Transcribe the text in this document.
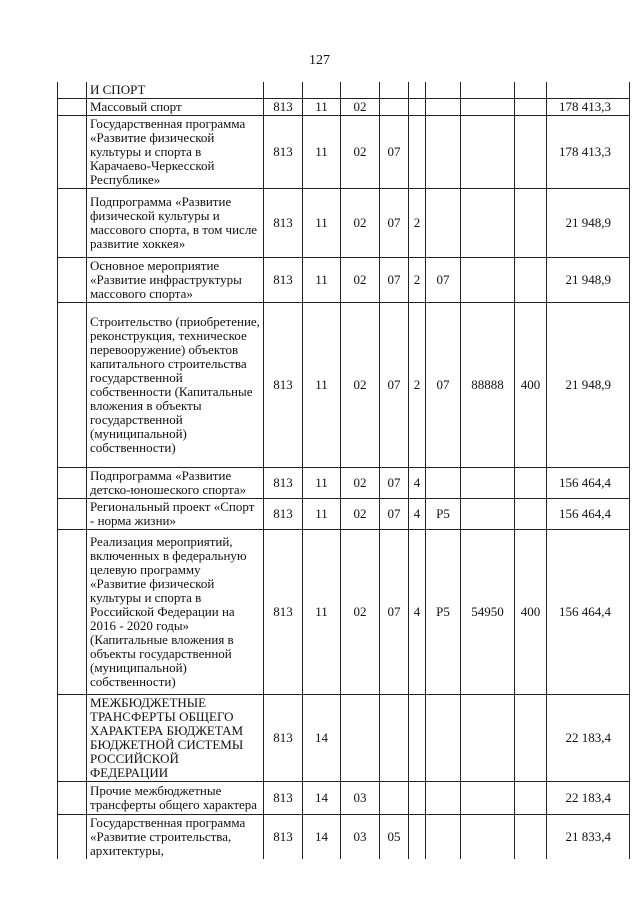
127
	И СПОРТ									
	Массовый спорт	813	11	02						178 413,3
	Государственная программа «Развитие физической культуры и спорта в Карачаево-Черкесской Республике»	813	11	02	07					178 413,3
	Подпрограмма «Развитие физической культуры и массового спорта, в том числе развитие хоккея»	813	11	02	07	2				21 948,9
	Основное мероприятие «Развитие инфраструктуры массового спорта»	813	11	02	07	2	07			21 948,9
	Строительство (приобретение, реконструкция, техническое перевооружение) объектов капитального строительства государственной собственности (Капитальные вложения в объекты государственной (муниципальной) собственности)	813	11	02	07	2	07	88888	400	21 948,9
	Подпрограмма «Развитие детско-юношеского спорта»	813	11	02	07	4				156 464,4
	Региональный проект «Спорт - норма жизни»	813	11	02	07	4	P5			156 464,4
	Реализация мероприятий, включенных в федеральную целевую программу «Развитие физической культуры и спорта в Российской Федерации на 2016 - 2020 годы» (Капитальные вложения в объекты государственной (муниципальной) собственности)	813	11	02	07	4	P5	54950	400	156 464,4
	МЕЖБЮДЖЕТНЫЕ ТРАНСФЕРТЫ ОБЩЕГО ХАРАКТЕРА БЮДЖЕТАМ БЮДЖЕТНОЙ СИСТЕМЫ РОССИЙСКОЙ ФЕДЕРАЦИИ	813	14							22 183,4
	Прочие межбюджетные трансферты общего характера	813	14	03						22 183,4
	Государственная программа «Развитие строительства, архитектуры,	813	14	03	05					21 833,4
